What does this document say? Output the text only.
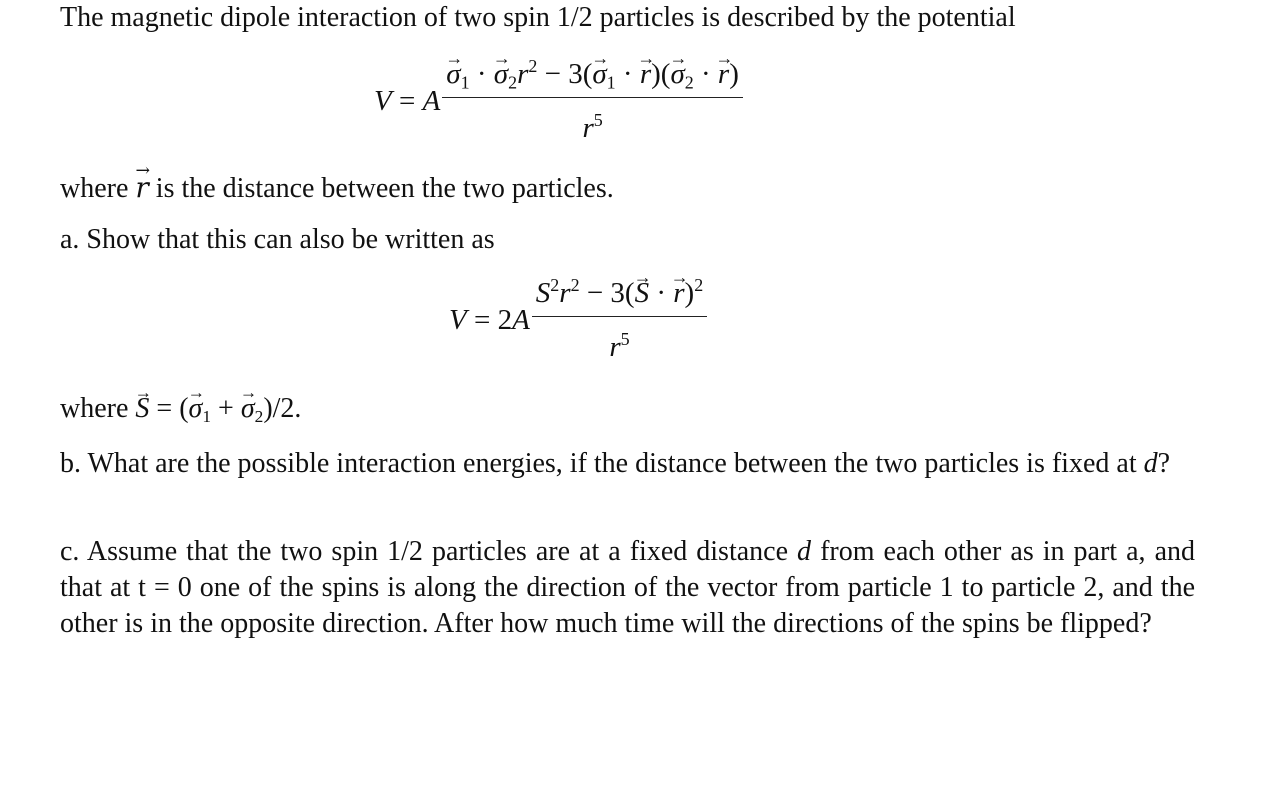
The magnetic dipole interaction of two spin 1/2 particles is described by the potential
V = A
→ $\frac{\sigma_1 \cdot \to \sigma_2r^2 - 3(\to \sigma_1 \cdot \to r)(\to \sigma_2 \cdot \to r)}{r^5}$
where → r is the distance between the two particles.
a. Show that this can also be written as
$V = 2A \frac{S^2r^2 - 3(\to S \cdot \to r)^2}{r^5}$
where → S = (→ $\sigma_1$ + → $\sigma_2)/2$.
b. What are the possible interaction energies, if the distance between the two particles is fixed at d?
c. Assume that the two spin 1/2 particles are at a fixed distance d from each other as in part a, and that at t = 0 one of the spins is along the direction of the vector from particle 1 to particle 2, and the other is in the opposite direction. After how much time will the directions of the spins be flipped?
